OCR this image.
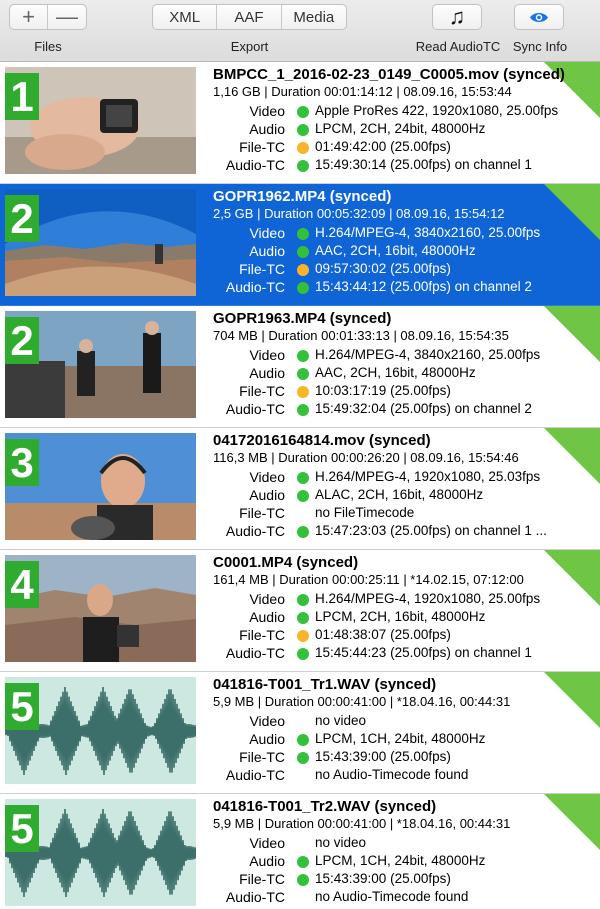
+ —
Files
XML	AAF	Media
Export
♫
Read AudioTC Sync Info
1	BMPCC_1_2016-02-23_0149_C0005.mov (synced)
1,16 GB | Duration 00:01:14:12 | 08.09.16, 15:53:44
Video Apple ProRes 422, 1920x1080, 25.00fps
Audio LPCM, 2CH, 24bit, 48000Hz
File-TC 01:49:42:00 (25.00fps)
Audio-TC 15:49:30:14 (25.00fps) on channel 1
2	GOPR1962.MP4 (synced)
2,5 GB | Duration 00:05:32:09 | 08.09.16, 15:54:12
Video H.264/MPEG-4, 3840x2160, 25.00fps
Audio AAC, 2CH, 16bit, 48000Hz
File-TC 09:57:30:02 (25.00fps)
Audio-TC 15:43:44:12 (25.00fps) on channel 2
2	GOPR1963.MP4 (synced)
704 MB | Duration 00:01:33:13 | 08.09.16, 15:54:35
Video H.264/MPEG-4, 3840x2160, 25.00fps
Audio AAC, 2CH, 16bit, 48000Hz
File-TC 10:03:17:19 (25.00fps)
Audio-TC 15:49:32:04 (25.00fps) on channel 2
3	04172016164814.mov (synced)
116,3 MB | Duration 00:00:26:20 | 08.09.16, 15:54:46
Video H.264/MPEG-4, 1920x1080, 25.03fps
Audio ALAC, 2CH, 16bit, 48000Hz
File-TC no FileTimecode
Audio-TC 15:47:23:03 (25.00fps) on channel 1 ...
4	C0001.MP4 (synced)
161,4 MB | Duration 00:00:25:11 | *14.02.15, 07:12:00
Video H.264/MPEG-4, 1920x1080, 25.00fps
Audio LPCM, 2CH, 16bit, 48000Hz
File-TC 01:48:38:07 (25.00fps)
Audio-TC 15:45:44:23 (25.00fps) on channel 1
5	041816-T001_Tr1.WAV (synced)
5,9 MB | Duration 00:00:41:00 | *18.04.16, 00:44:31
Video no video
Audio LPCM, 1CH, 24bit, 48000Hz
File-TC 15:43:39:00 (25.00fps)
Audio-TC no Audio-Timecode found
5	041816-T001_Tr2.WAV (synced)
5,9 MB | Duration 00:00:41:00 | *18.04.16, 00:44:31
Video no video
Audio LPCM, 1CH, 24bit, 48000Hz
File-TC 15:43:39:00 (25.00fps)
Audio-TC no Audio-Timecode found
